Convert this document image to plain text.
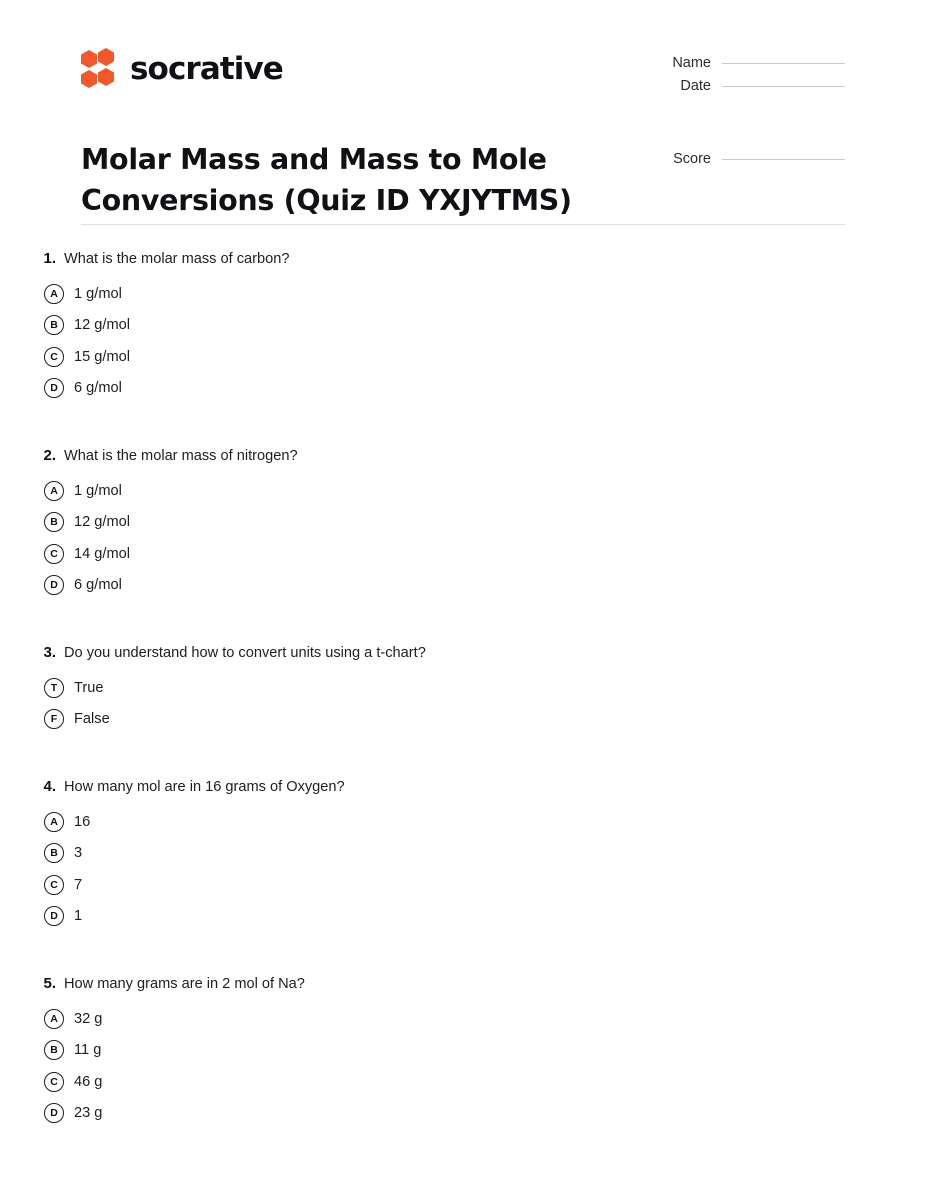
socrative	Name
Date
Score
Molar Mass and Mass to Mole Conversions (Quiz ID YXJYTMS)
1. What is the molar mass of carbon?
A	1 g/mol
B	12 g/mol
C	15 g/mol
D	6 g/mol
2. What is the molar mass of nitrogen?
A	1 g/mol
B	12 g/mol
C	14 g/mol
D	6 g/mol
3. Do you understand how to convert units using a t-chart?
T	True
F	False
4. How many mol are in 16 grams of Oxygen?
A	16
B	3
C	7
D	1
5. How many grams are in 2 mol of Na?
A	32 g
B	11 g
C	46 g
D	23 g
